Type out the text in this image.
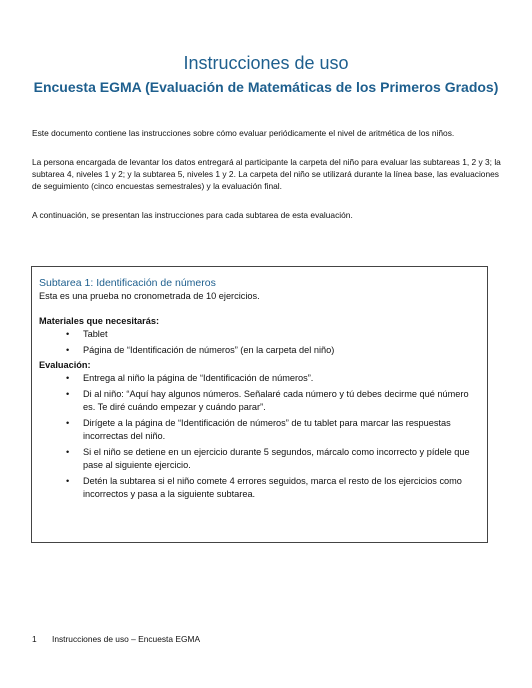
Instrucciones de uso
Encuesta EGMA (Evaluación de Matemáticas de los Primeros Grados)

Este documento contiene las instrucciones sobre cómo evaluar periódicamente el nivel de aritmética de los niños.

La persona encargada de levantar los datos entregará al participante la carpeta del niño para evaluar las subtareas 1, 2 y 3; la subtarea 4, niveles 1 y 2; y la subtarea 5, niveles 1 y 2. La carpeta del niño se utilizará durante la línea base, las evaluaciones de seguimiento (cinco encuestas semestrales) y la evaluación final.

A continuación, se presentan las instrucciones para cada subtarea de esta evaluación.

Subtarea 1: Identificación de números

Esta es una prueba no cronometrada de 10 ejercicios.

Materiales que necesitarás:

• Tablet
• Página de “Identificación de números” (en la carpeta del niño)

Evaluación:

• Entrega al niño la página de “Identificación de números”.
• Di al niño: “Aquí hay algunos números. Señalaré cada número y tú debes decirme qué número es. Te diré cuándo empezar y cuándo parar”.
• Dirígete a la página de “Identificación de números” de tu tablet para marcar las respuestas incorrectas del niño.
• Si el niño se detiene en un ejercicio durante 5 segundos, márcalo como incorrecto y pídele que pase al siguiente ejercicio.
• Detén la subtarea si el niño comete 4 errores seguidos, marca el resto de los ejercicios como incorrectos y pasa a la siguiente subtarea.
1 Instrucciones de uso – Encuesta EGMA
